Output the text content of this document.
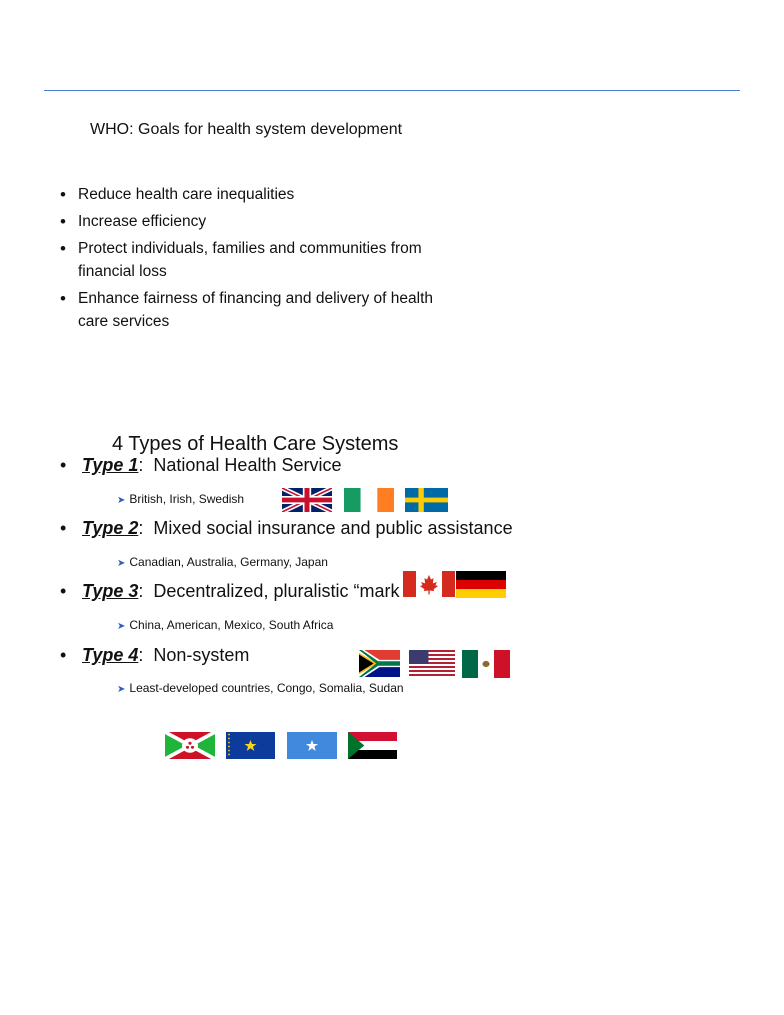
WHO: Goals for health system development
• Reduce health care inequalities
• Increase efficiency
• Protect individuals, families and communities from financial loss
• Enhance fairness of financing and delivery of health care services
4 Types of Health Care Systems
• Type 1: National Health Service
➤ British, Irish, Swedish
• Type 2: Mixed social insurance and public assistance
➤ Canadian, Australia, Germany, Japan
• Type 3: Decentralized, pluralistic “mark
➤ China, American, Mexico, South Africa
• Type 4: Non-system
➤ Least-developed countries, Congo, Somalia, Sudan
